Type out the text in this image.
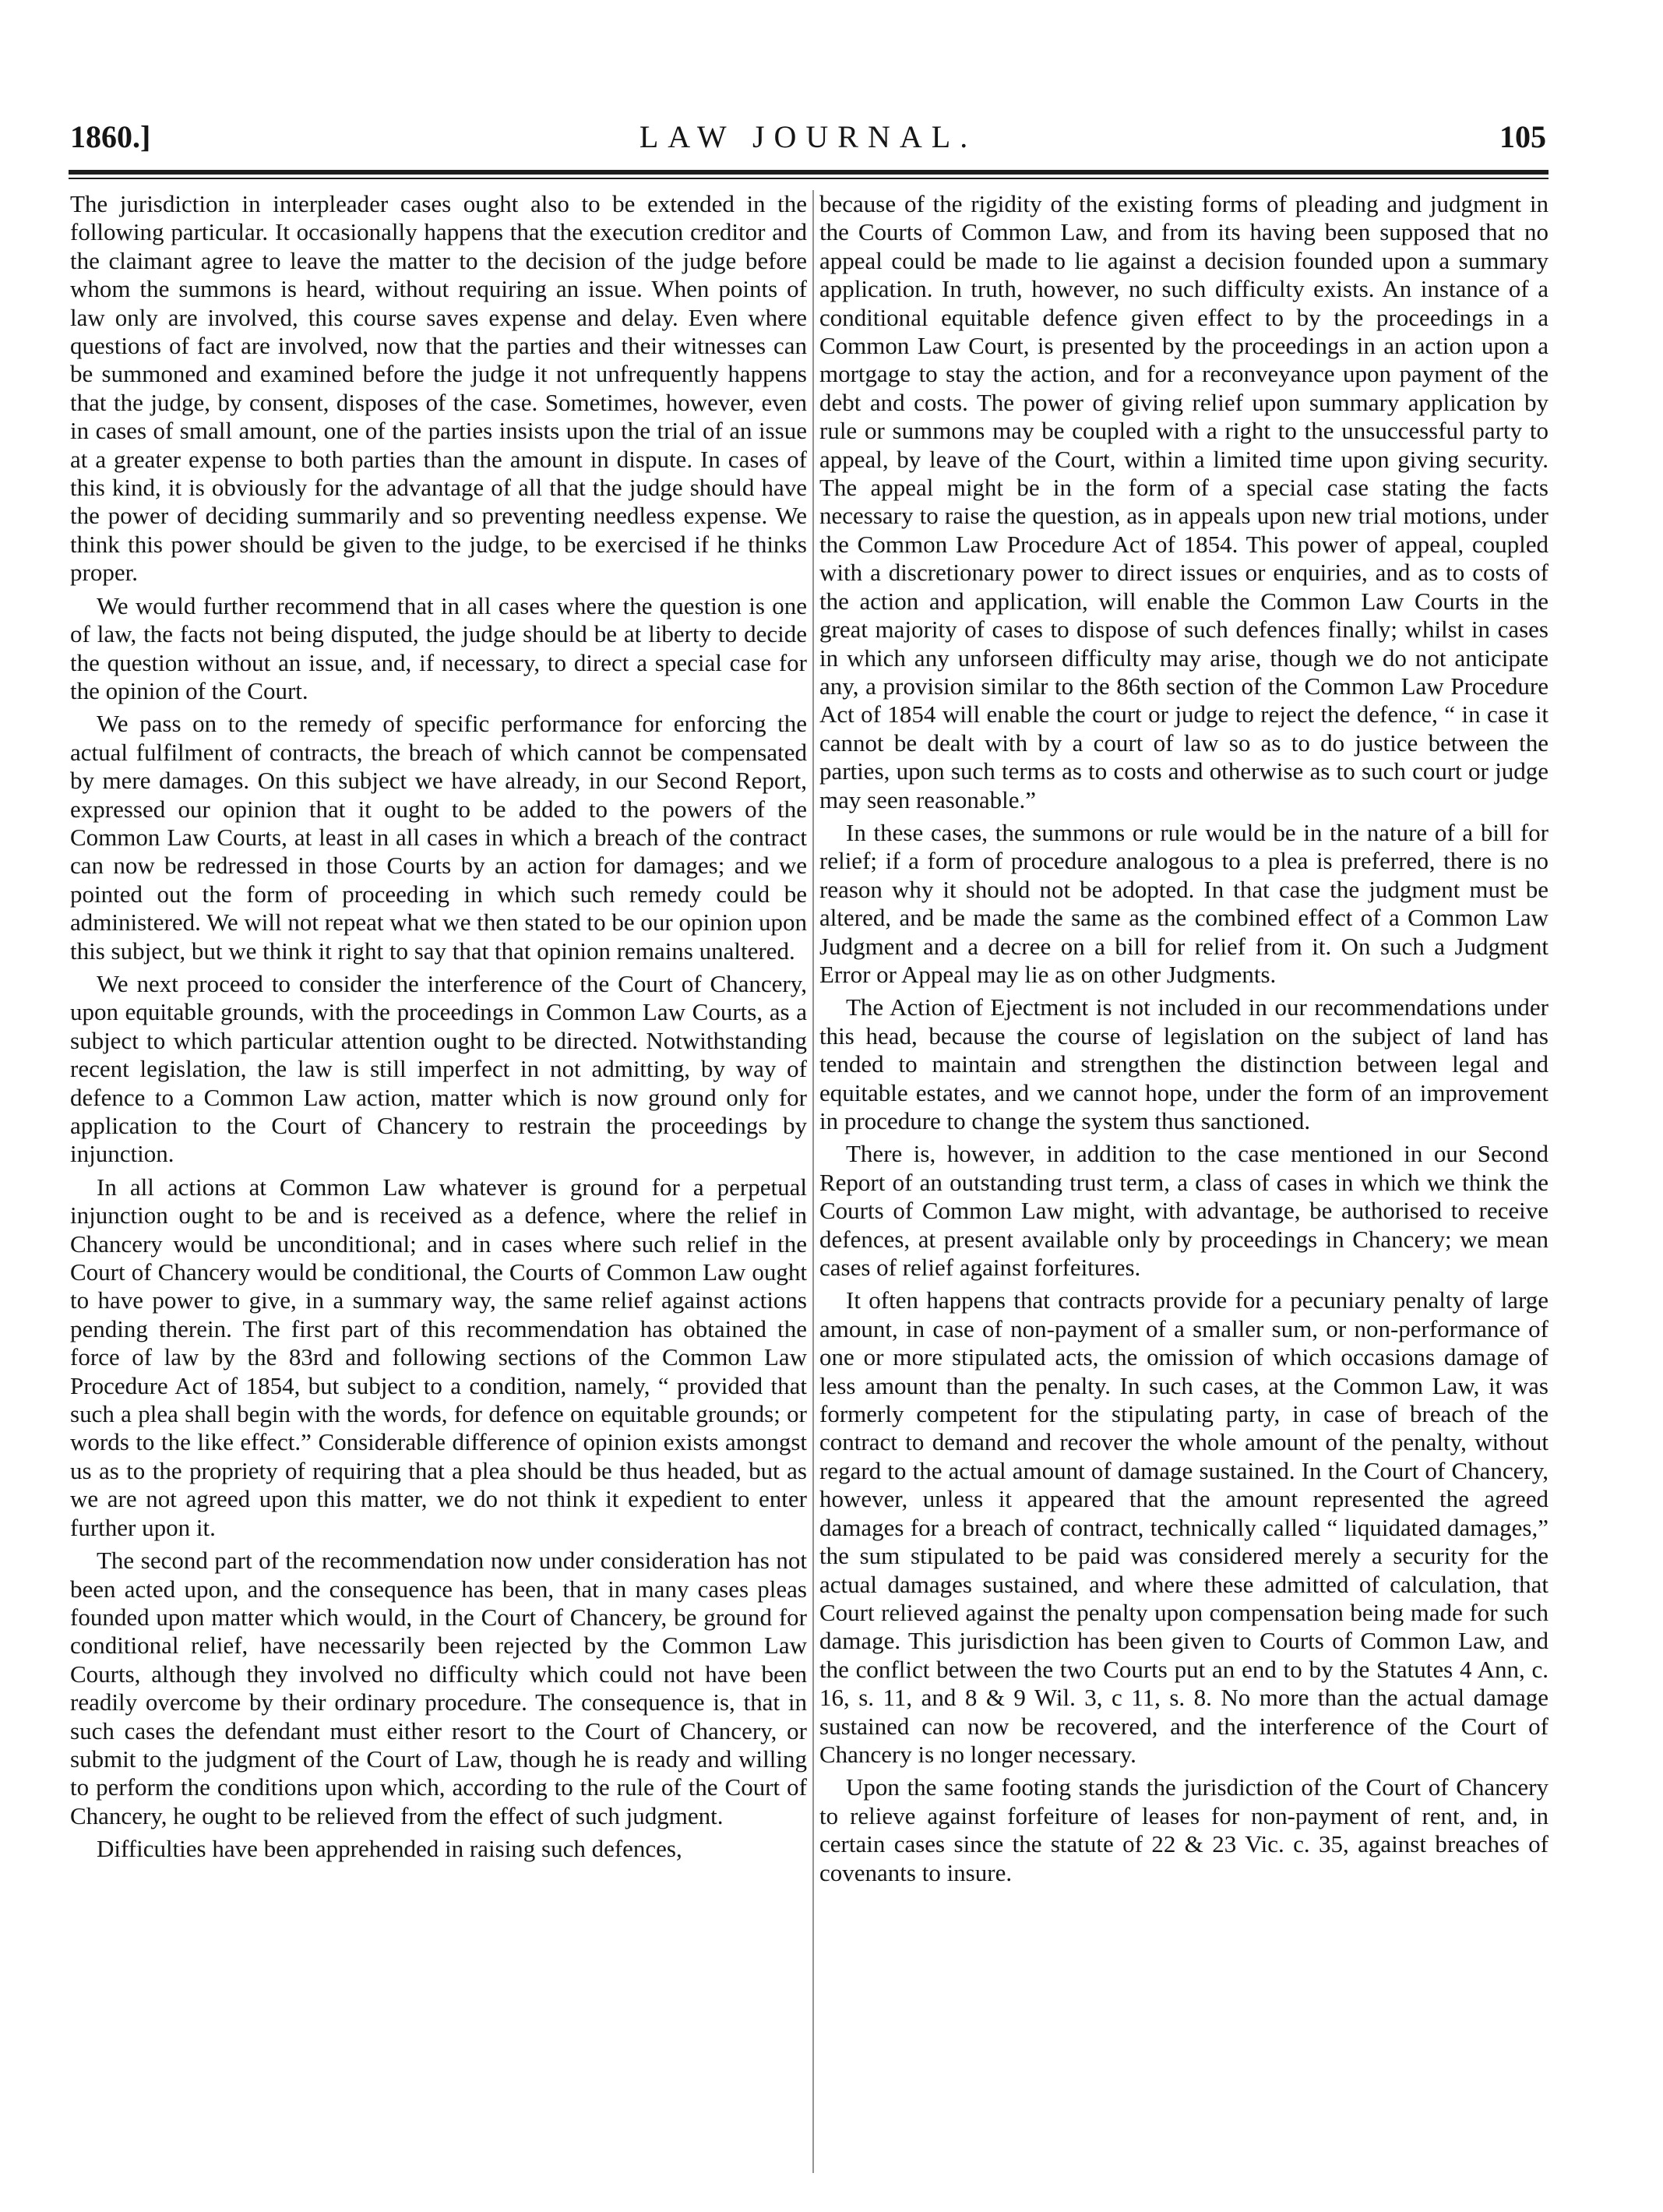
1860.]	LAW JOURNAL.	105

The jurisdiction in interpleader cases ought also to be extended in the following particular. It occasionally happens that the execution creditor and the claimant agree to leave the matter to the decision of the judge before whom the summons is heard, without requiring an issue. When points of law only are involved, this course saves expense and delay. Even where questions of fact are involved, now that the parties and their witnesses can be summoned and examined before the judge it not unfrequently happens that the judge, by consent, disposes of the case. Sometimes, however, even in cases of small amount, one of the parties insists upon the trial of an issue at a greater expense to both parties than the amount in dispute. In cases of this kind, it is obviously for the advantage of all that the judge should have the power of deciding summarily and so preventing needless expense. We think this power should be given to the judge, to be exercised if he thinks proper.

We would further recommend that in all cases where the question is one of law, the facts not being disputed, the judge should be at liberty to decide the question without an issue, and, if necessary, to direct a special case for the opinion of the Court.

We pass on to the remedy of specific performance for enforcing the actual fulfilment of contracts, the breach of which cannot be compensated by mere damages. On this subject we have already, in our Second Report, expressed our opinion that it ought to be added to the powers of the Common Law Courts, at least in all cases in which a breach of the contract can now be redressed in those Courts by an action for damages; and we pointed out the form of proceeding in which such remedy could be administered. We will not repeat what we then stated to be our opinion upon this subject, but we think it right to say that that opinion remains unaltered.

We next proceed to consider the interference of the Court of Chancery, upon equitable grounds, with the proceedings in Common Law Courts, as a subject to which particular attention ought to be directed. Notwithstanding recent legislation, the law is still imperfect in not admitting, by way of defence to a Common Law action, matter which is now ground only for application to the Court of Chancery to restrain the proceedings by injunction.

In all actions at Common Law whatever is ground for a perpetual injunction ought to be and is received as a defence, where the relief in Chancery would be unconditional; and in cases where such relief in the Court of Chancery would be conditional, the Courts of Common Law ought to have power to give, in a summary way, the same relief against actions pending therein. The first part of this recommendation has obtained the force of law by the 83rd and following sections of the Common Law Procedure Act of 1854, but subject to a condition, namely, “ provided that such a plea shall begin with the words, for defence on equitable grounds; or words to the like effect.” Considerable difference of opinion exists amongst us as to the propriety of requiring that a plea should be thus headed, but as we are not agreed upon this matter, we do not think it expedient to enter further upon it.

The second part of the recommendation now under consideration has not been acted upon, and the consequence has been, that in many cases pleas founded upon matter which would, in the Court of Chancery, be ground for conditional relief, have necessarily been rejected by the Common Law Courts, although they involved no difficulty which could not have been readily overcome by their ordinary procedure. The consequence is, that in such cases the defendant must either resort to the Court of Chancery, or submit to the judgment of the Court of Law, though he is ready and willing to perform the conditions upon which, according to the rule of the Court of Chancery, he ought to be relieved from the effect of such judgment.

Difficulties have been apprehended in raising such defences,

because of the rigidity of the existing forms of pleading and judgment in the Courts of Common Law, and from its having been supposed that no appeal could be made to lie against a decision founded upon a summary application. In truth, however, no such difficulty exists. An instance of a conditional equitable defence given effect to by the proceedings in a Common Law Court, is presented by the proceedings in an action upon a mortgage to stay the action, and for a reconveyance upon payment of the debt and costs. The power of giving relief upon summary application by rule or summons may be coupled with a right to the unsuccessful party to appeal, by leave of the Court, within a limited time upon giving security. The appeal might be in the form of a special case stating the facts necessary to raise the question, as in appeals upon new trial motions, under the Common Law Procedure Act of 1854. This power of appeal, coupled with a discretionary power to direct issues or enquiries, and as to costs of the action and application, will enable the Common Law Courts in the great majority of cases to dispose of such defences finally; whilst in cases in which any unforseen difficulty may arise, though we do not anticipate any, a provision similar to the 86th section of the Common Law Procedure Act of 1854 will enable the court or judge to reject the defence, “ in case it cannot be dealt with by a court of law so as to do justice between the parties, upon such terms as to costs and otherwise as to such court or judge may seen reasonable.”

In these cases, the summons or rule would be in the nature of a bill for relief; if a form of procedure analogous to a plea is preferred, there is no reason why it should not be adopted. In that case the judgment must be altered, and be made the same as the combined effect of a Common Law Judgment and a decree on a bill for relief from it. On such a Judgment Error or Appeal may lie as on other Judgments.

The Action of Ejectment is not included in our recommendations under this head, because the course of legislation on the subject of land has tended to maintain and strengthen the distinction between legal and equitable estates, and we cannot hope, under the form of an improvement in procedure to change the system thus sanctioned.

There is, however, in addition to the case mentioned in our Second Report of an outstanding trust term, a class of cases in which we think the Courts of Common Law might, with advantage, be authorised to receive defences, at present available only by proceedings in Chancery; we mean cases of relief against forfeitures.

It often happens that contracts provide for a pecuniary penalty of large amount, in case of non-payment of a smaller sum, or non-performance of one or more stipulated acts, the omission of which occasions damage of less amount than the penalty. In such cases, at the Common Law, it was formerly competent for the stipulating party, in case of breach of the contract to demand and recover the whole amount of the penalty, without regard to the actual amount of damage sustained. In the Court of Chancery, however, unless it appeared that the amount represented the agreed damages for a breach of contract, technically called “ liquidated damages,” the sum stipulated to be paid was considered merely a security for the actual damages sustained, and where these admitted of calculation, that Court relieved against the penalty upon compensation being made for such damage. This jurisdiction has been given to Courts of Common Law, and the conflict between the two Courts put an end to by the Statutes 4 Ann, c. 16, s. 11, and 8 & 9 Wil. 3, c 11, s. 8. No more than the actual damage sustained can now be recovered, and the interference of the Court of Chancery is no longer necessary.

Upon the same footing stands the jurisdiction of the Court of Chancery to relieve against forfeiture of leases for non-payment of rent, and, in certain cases since the statute of 22 & 23 Vic. c. 35, against breaches of covenants to insure.
